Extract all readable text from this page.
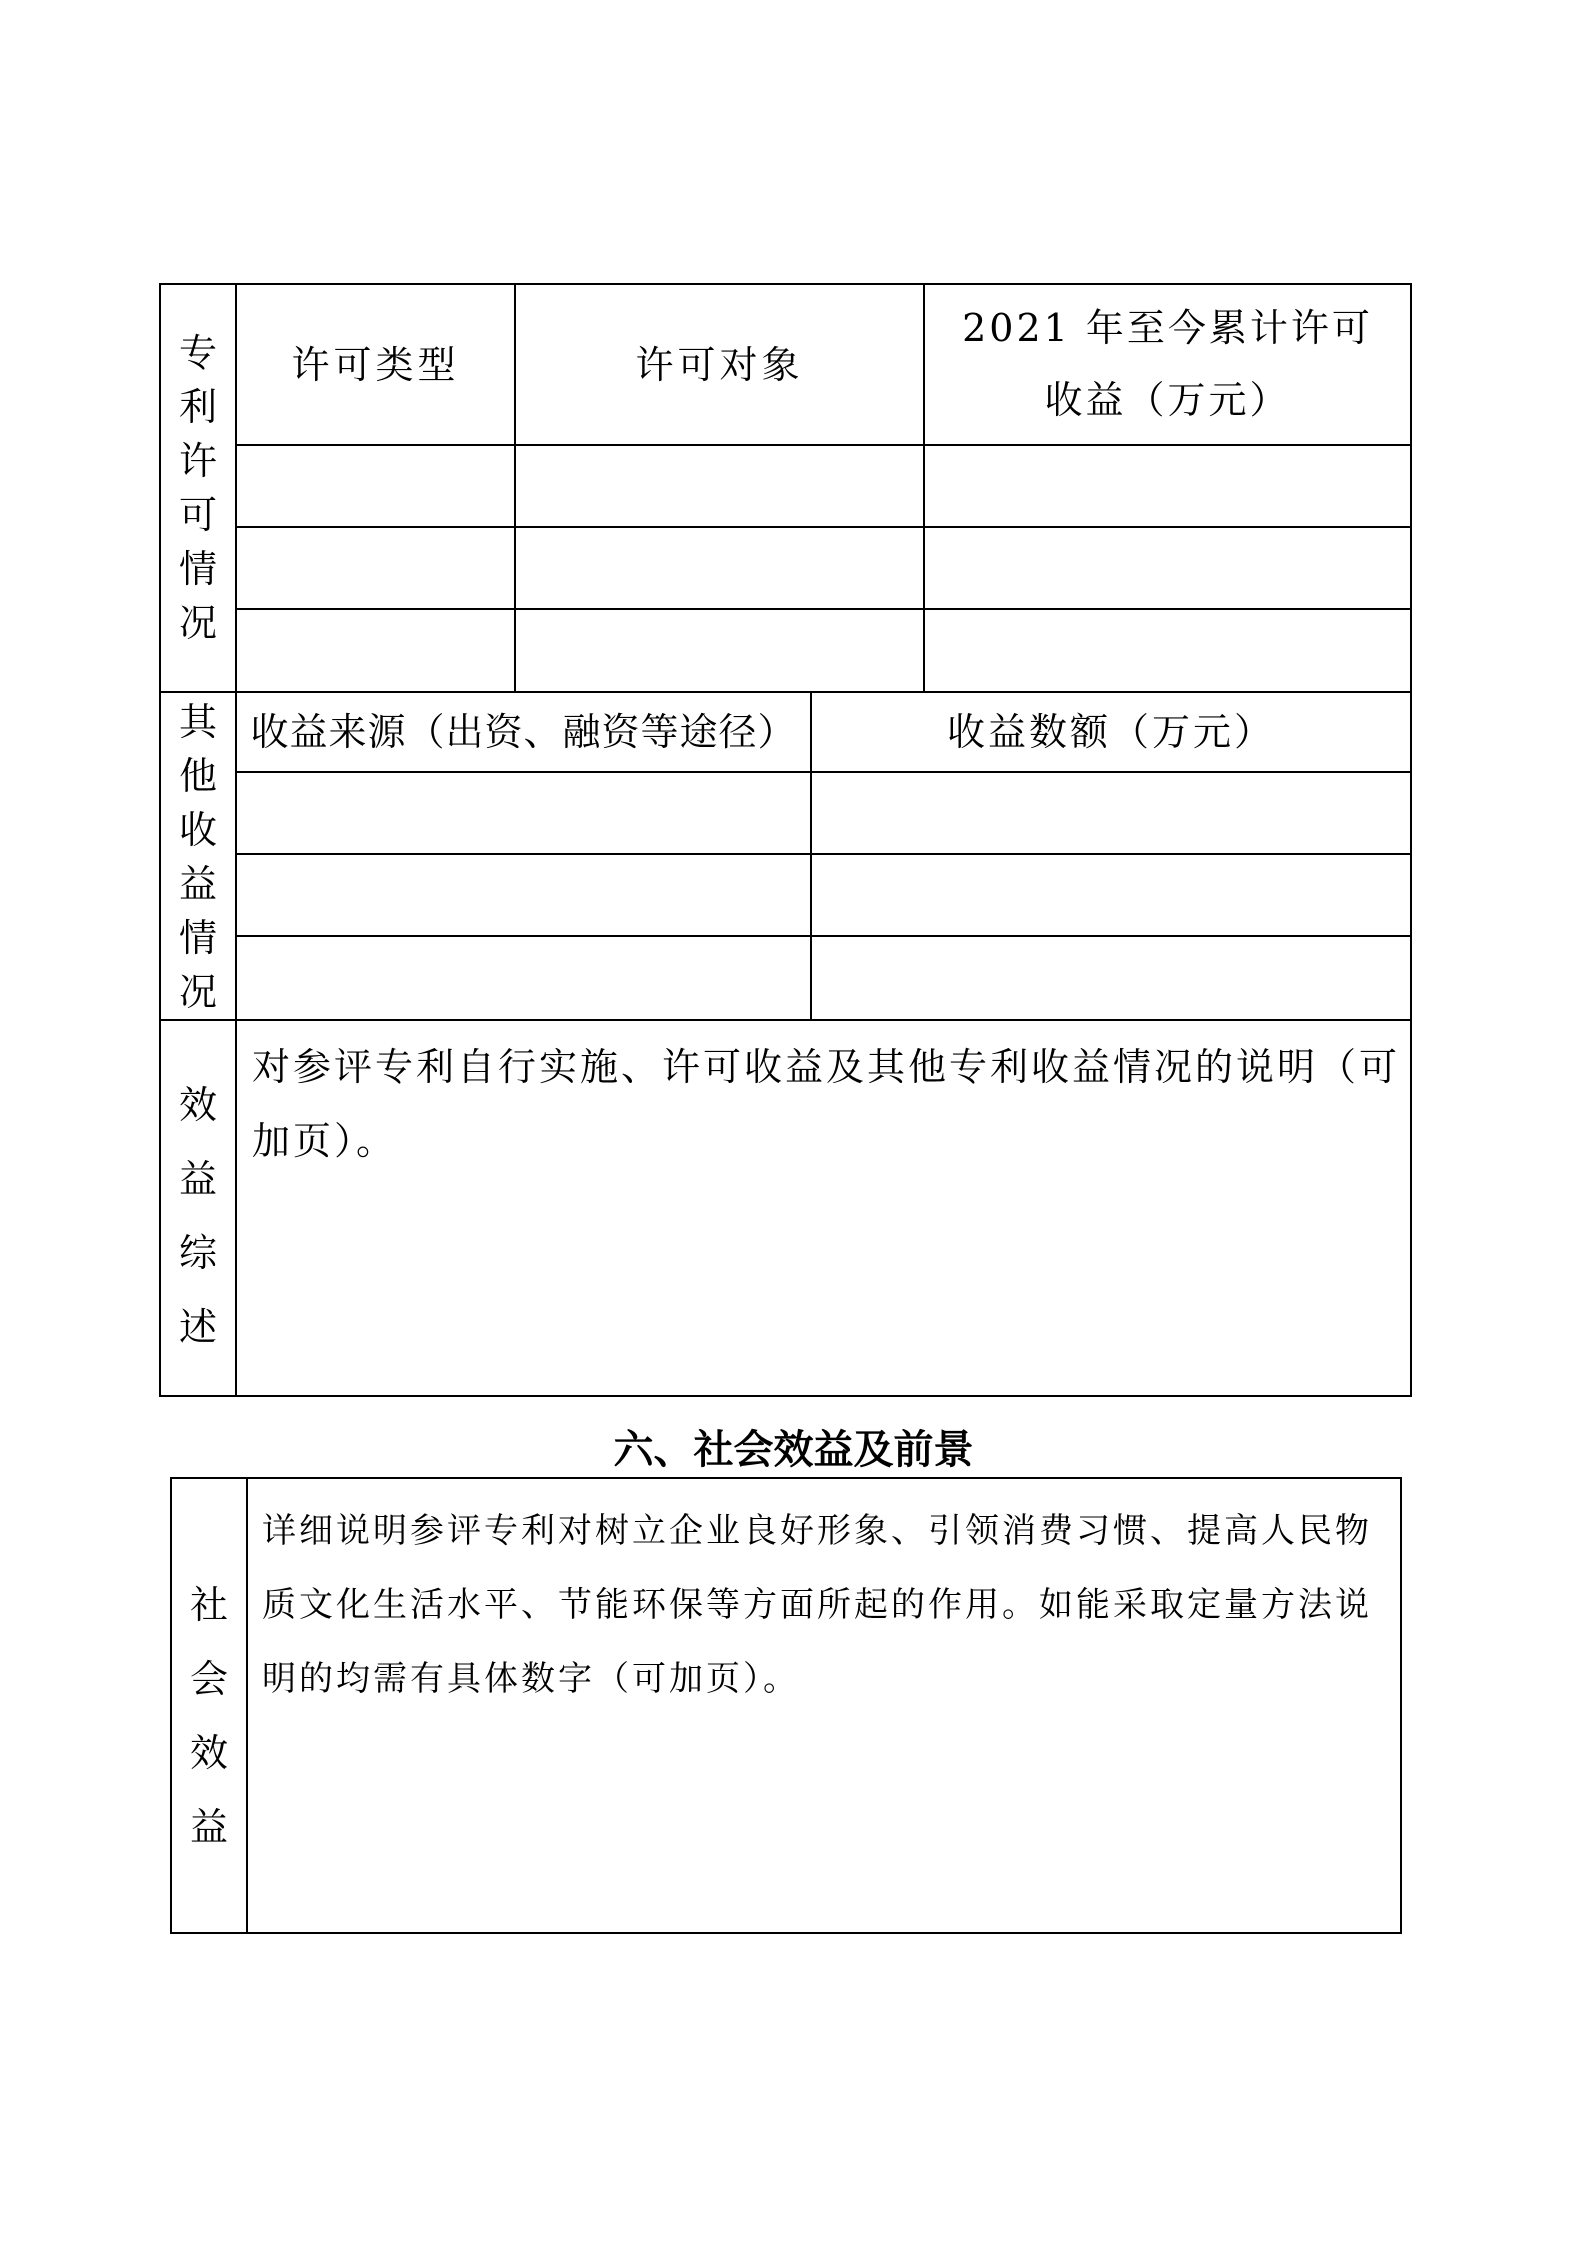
专
利
许
可
情
况
许可类型	许可对象
2021 年至今累计许可
收益（万元）
其
他
收
益
情
况
收益来源（出资、融资等途径）	收益数额（万元）
效
益
综
述
对参评专利自行实施、许可收益及其他专利收益情况的说明（可加页）。
六、社会效益及前景
社
会
效
益
详细说明参评专利对树立企业良好形象、引领消费习惯、提高人民物质文化生活水平、节能环保等方面所起的作用。如能采取定量方法说明的均需有具体数字（可加页）。
